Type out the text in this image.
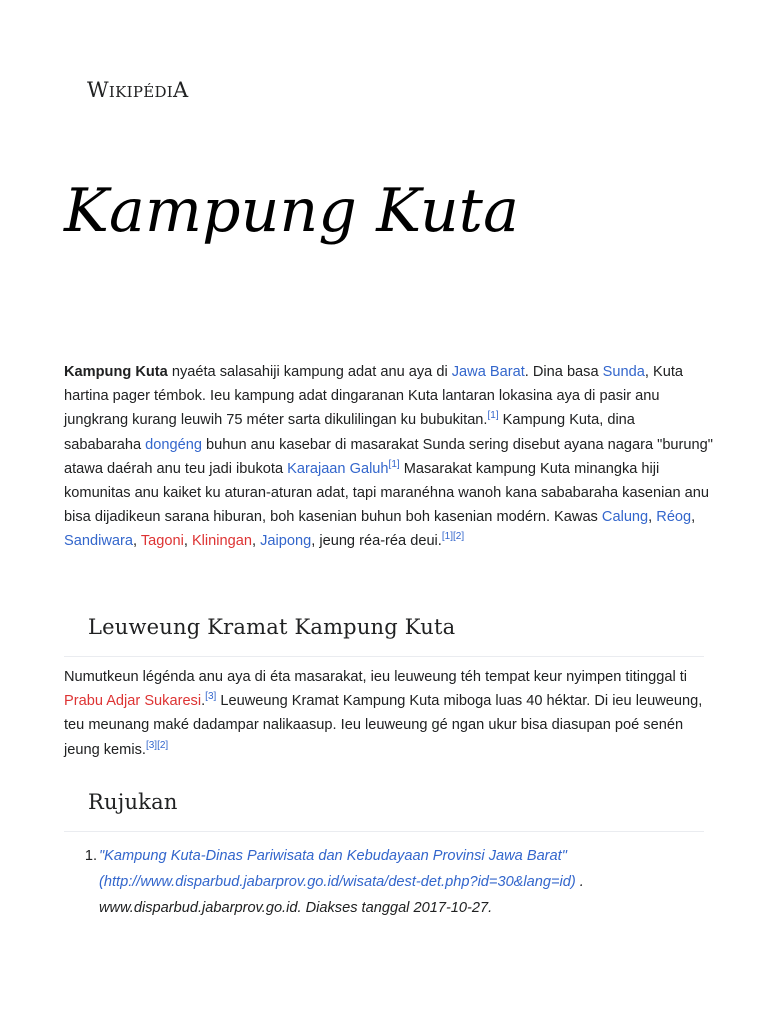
WikipédiA
Kampung Kuta

Kampung Kuta nyaéta salasahiji kampung adat anu aya di Jawa Barat. Dina basa Sunda, Kuta hartina pager témbok. Ieu kampung adat dingaranan Kuta lantaran lokasina aya di pasir anu jungkrang kurang leuwih 75 méter sarta dikulilingan ku bubukitan.[1] Kampung Kuta, dina sababaraha dongéng buhun anu kasebar di masarakat Sunda sering disebut ayana nagara "burung" atawa daérah anu teu jadi ibukota Karajaan Galuh[1] Masarakat kampung Kuta minangka hiji komunitas anu kaiket ku aturan-aturan adat, tapi maranéhna wanoh kana sababaraha kasenian anu bisa dijadikeun sarana hiburan, boh kasenian buhun boh kasenian modérn. Kawas Calung, Réog, Sandiwara, Tagoni, Kliningan, Jaipong, jeung réa-réa deui.[1][2]

Leuweung Kramat Kampung Kuta

Numutkeun légénda anu aya di éta masarakat, ieu leuweung téh tempat keur nyimpen titinggal ti Prabu Adjar Sukaresi.[3] Leuweung Kramat Kampung Kuta miboga luas 40 héktar. Di ieu leuweung, teu meunang maké dadampar nalikaasup. Ieu leuweung gé ngan ukur bisa diasupan poé senén jeung kemis.[3][2]

Rujukan
1. "Kampung Kuta-Dinas Pariwisata dan Kebudayaan Provinsi Jawa Barat" (http://www.disparbud.jabarprov.go.id/wisata/dest-det.php?id=30&lang=id) . www.disparbud.jabarprov.go.id. Diakses tanggal 2017-10-27.
